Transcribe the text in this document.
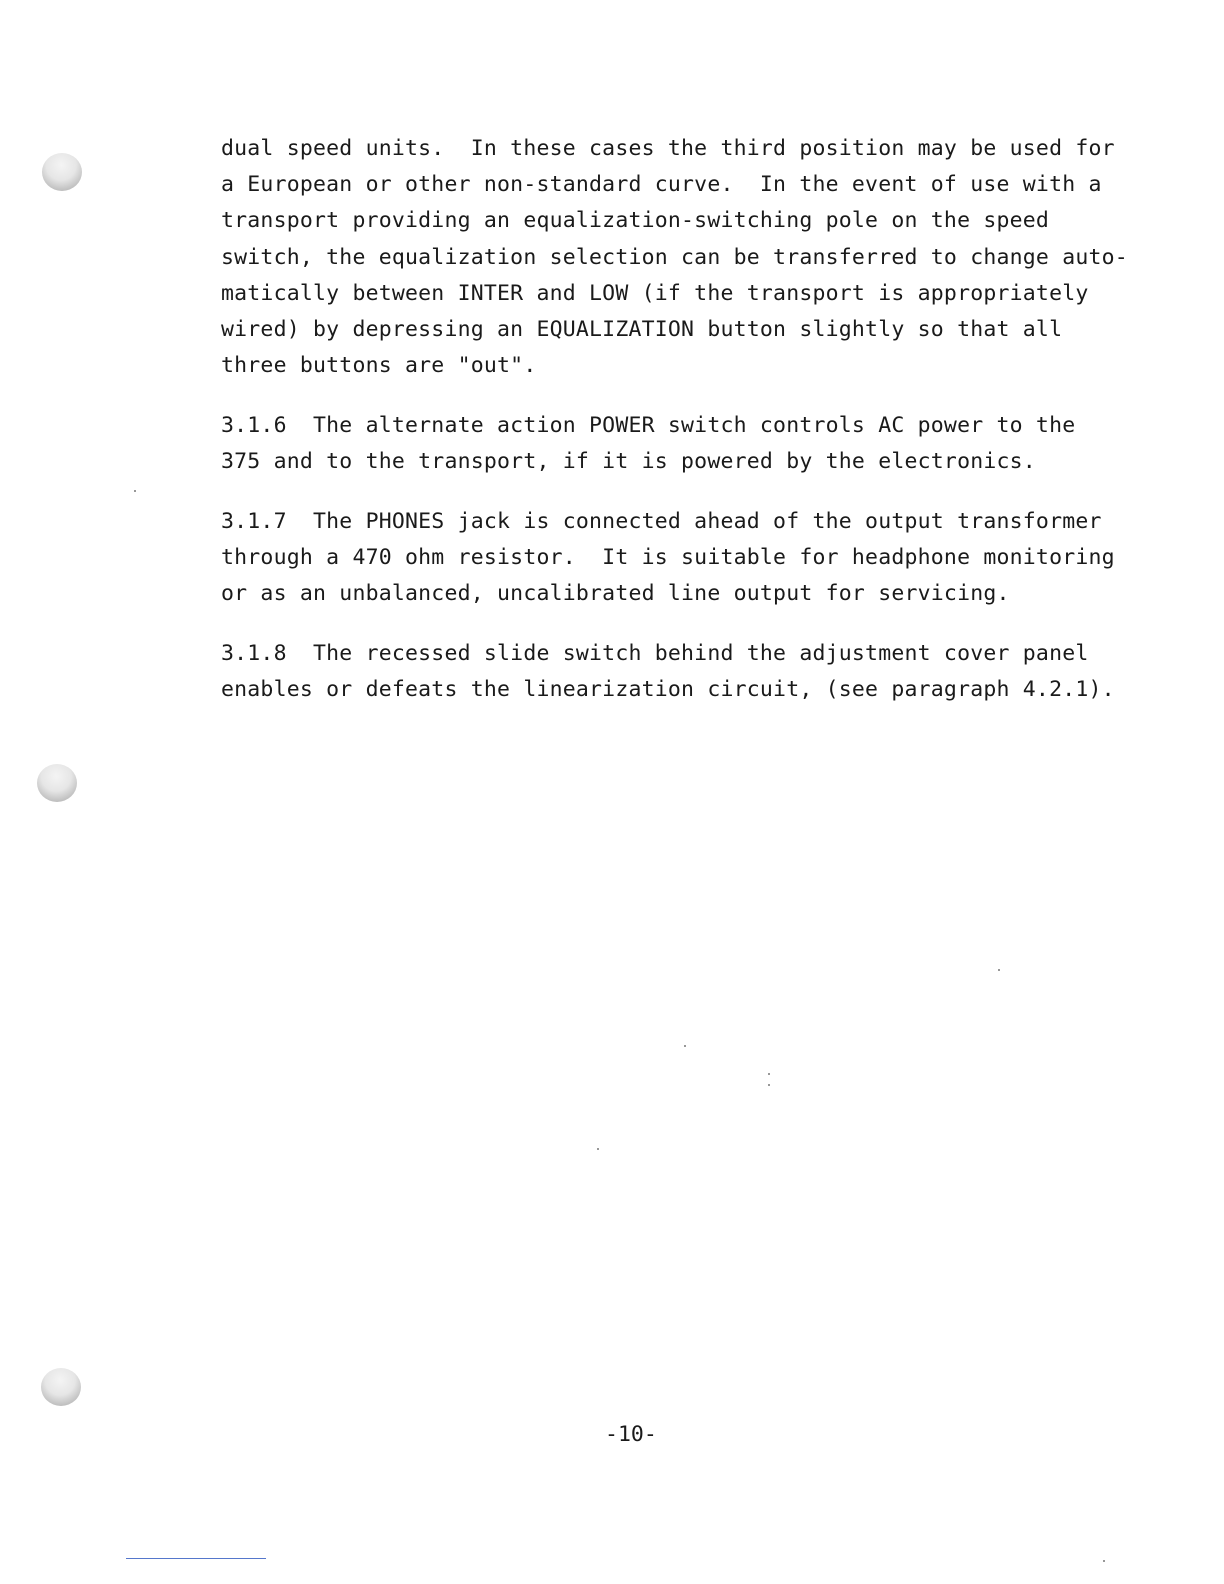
dual speed units.  In these cases the third position may be used for
a European or other non-standard curve.  In the event of use with a
transport providing an equalization-switching pole on the speed
switch, the equalization selection can be transferred to change auto-
matically between INTER and LOW (if the transport is appropriately
wired) by depressing an EQUALIZATION button slightly so that all
three buttons are "out".
3.1.6  The alternate action POWER switch controls AC power to the
375 and to the transport, if it is powered by the electronics.
3.1.7  The PHONES jack is connected ahead of the output transformer
through a 470 ohm resistor.  It is suitable for headphone monitoring
or as an unbalanced, uncalibrated line output for servicing.
3.1.8  The recessed slide switch behind the adjustment cover panel
enables or defeats the linearization circuit, (see paragraph 4.2.1).
-10-
